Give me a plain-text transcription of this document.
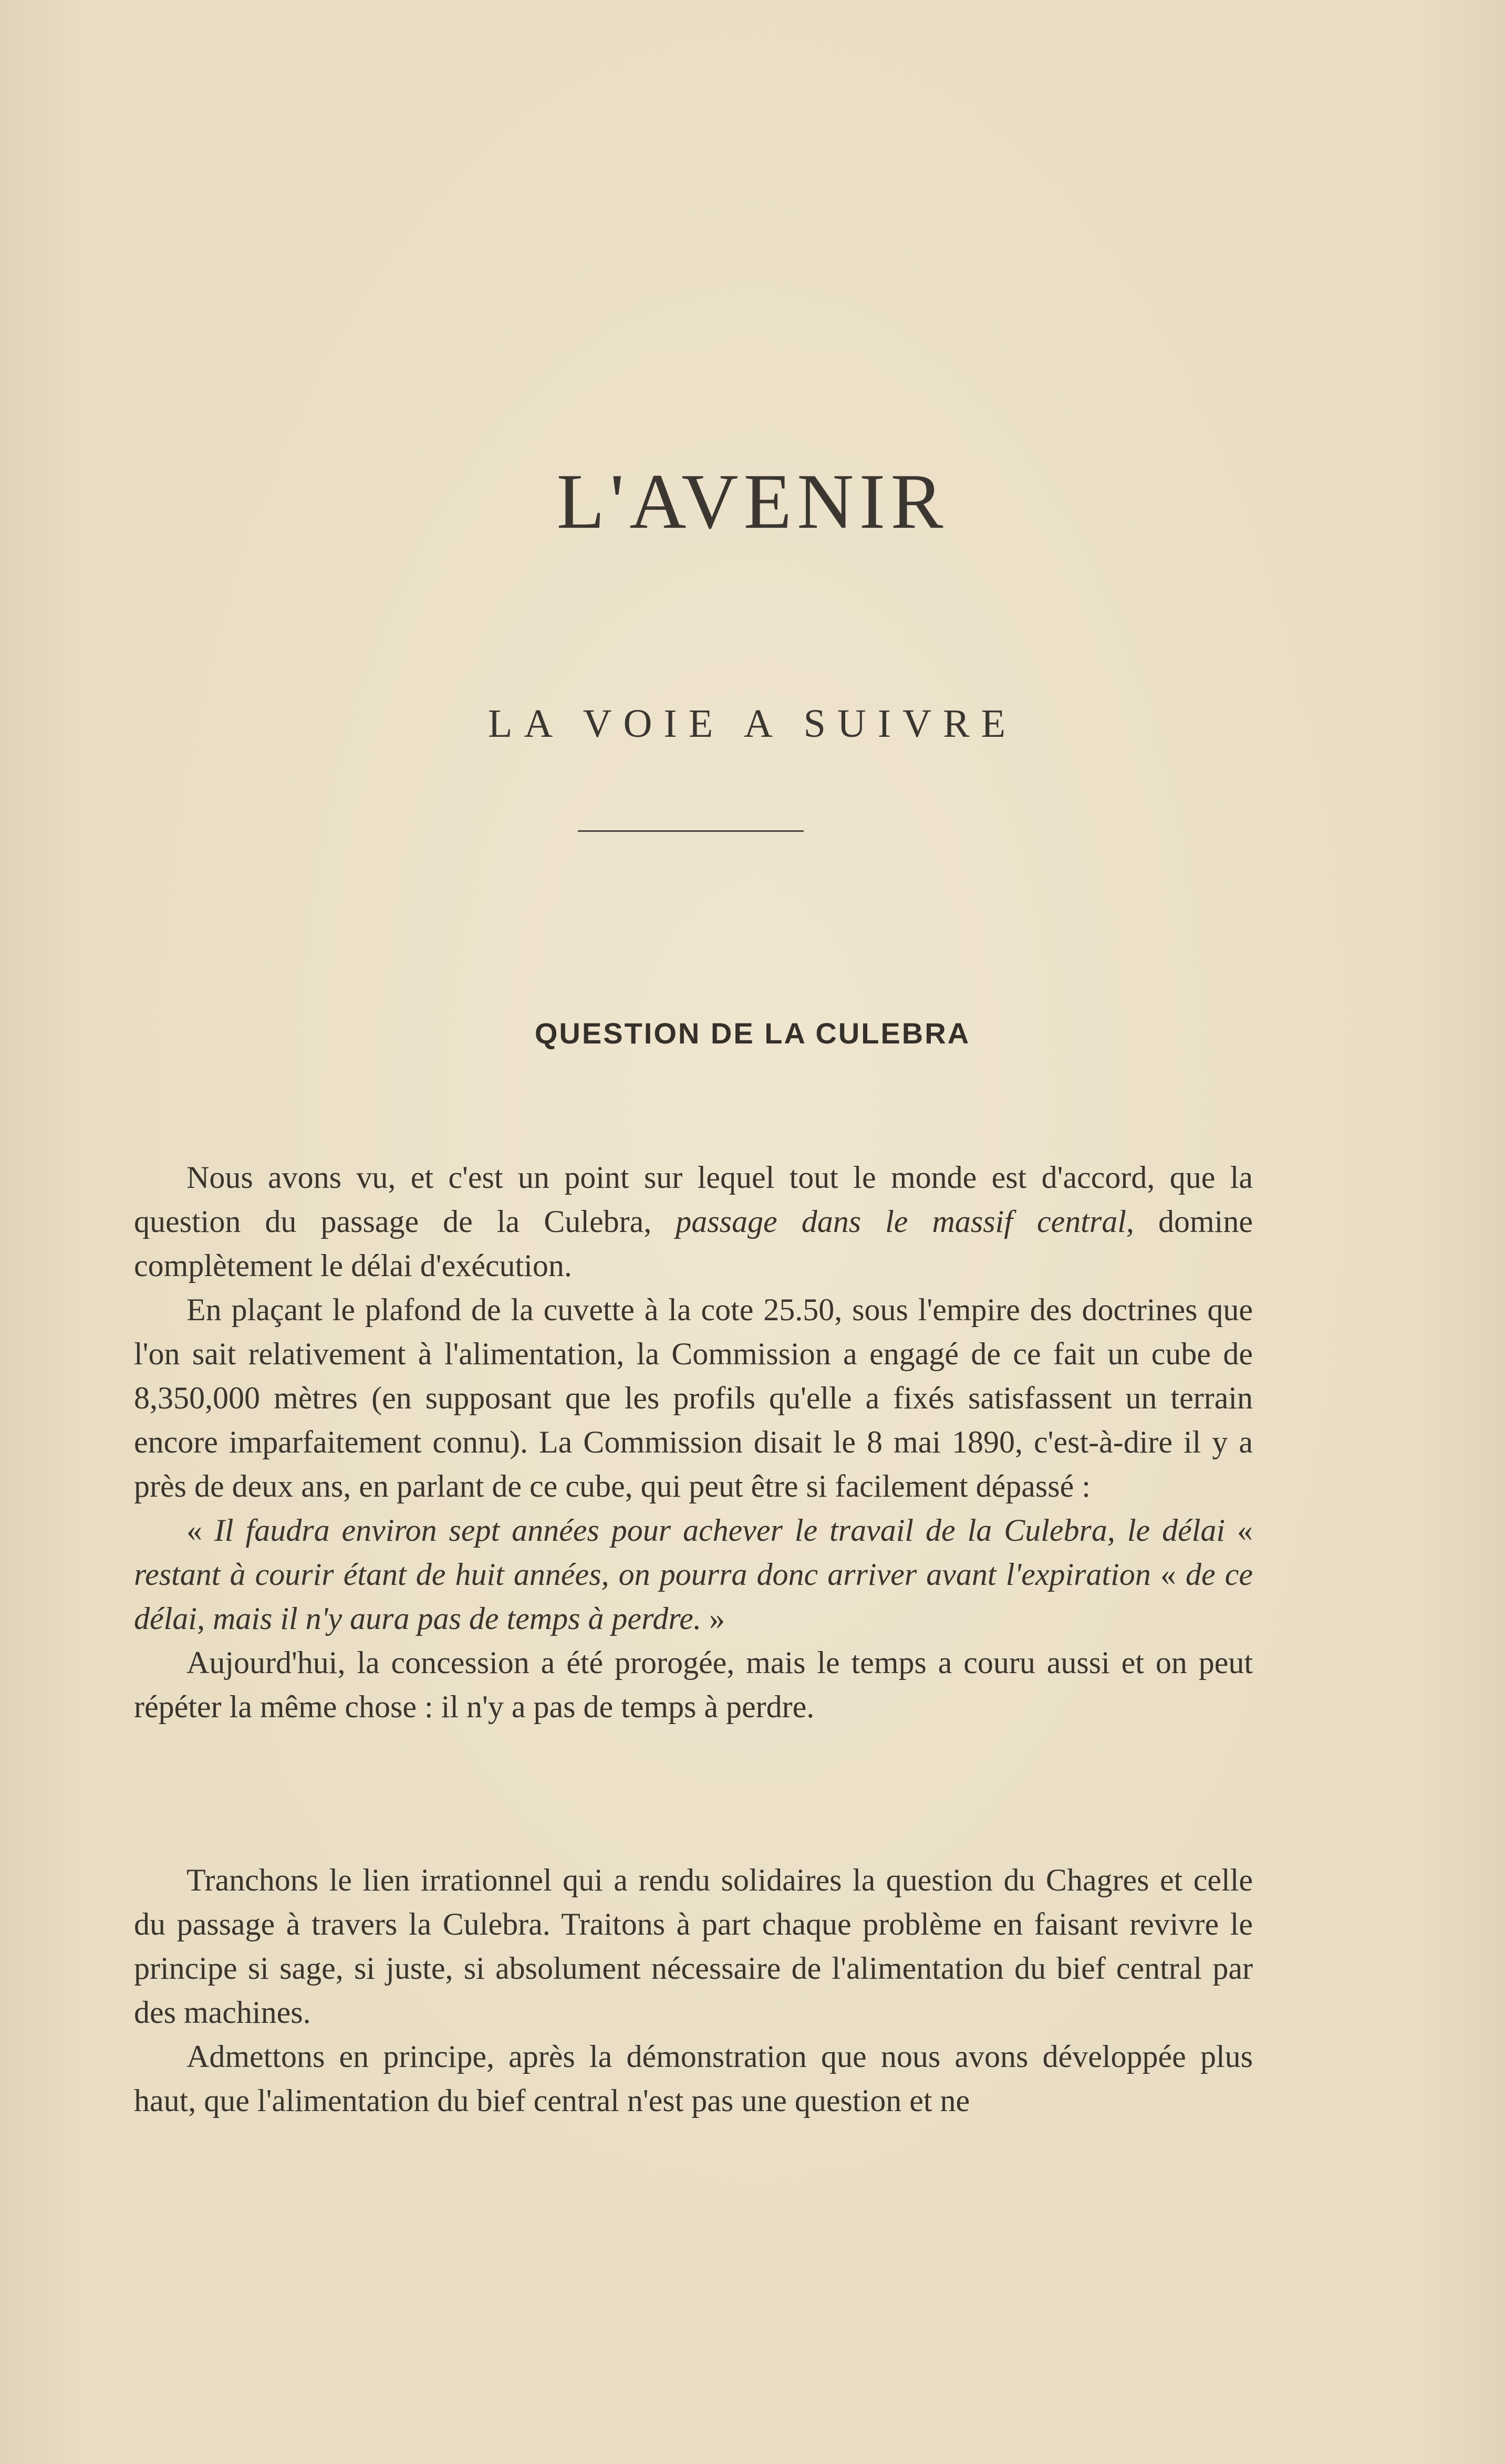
L'AVENIR
LA VOIE A SUIVRE
QUESTION DE LA CULEBRA

Nous avons vu, et c'est un point sur lequel tout le monde est d'accord, que la question du passage de la Culebra, passage dans le massif central, domine complètement le délai d'exécution.

En plaçant le plafond de la cuvette à la cote 25.50, sous l'empire des doctrines que l'on sait relativement à l'alimentation, la Commission a engagé de ce fait un cube de 8,350,000 mètres (en supposant que les profils qu'elle a fixés satisfassent un terrain encore imparfaitement connu). La Commission disait le 8 mai 1890, c'est-à-dire il y a près de deux ans, en parlant de ce cube, qui peut être si facilement dépassé :

« Il faudra environ sept années pour achever le travail de la Culebra, le délai « restant à courir étant de huit années, on pourra donc arriver avant l'expiration « de ce délai, mais il n'y aura pas de temps à perdre. »

Aujourd'hui, la concession a été prorogée, mais le temps a couru aussi et on peut répéter la même chose : il n'y a pas de temps à perdre.

Tranchons le lien irrationnel qui a rendu solidaires la question du Chagres et celle du passage à travers la Culebra. Traitons à part chaque problème en faisant revivre le principe si sage, si juste, si absolument nécessaire de l'alimentation du bief central par des machines.

Admettons en principe, après la démonstration que nous avons développée plus haut, que l'alimentation du bief central n'est pas une question et ne
